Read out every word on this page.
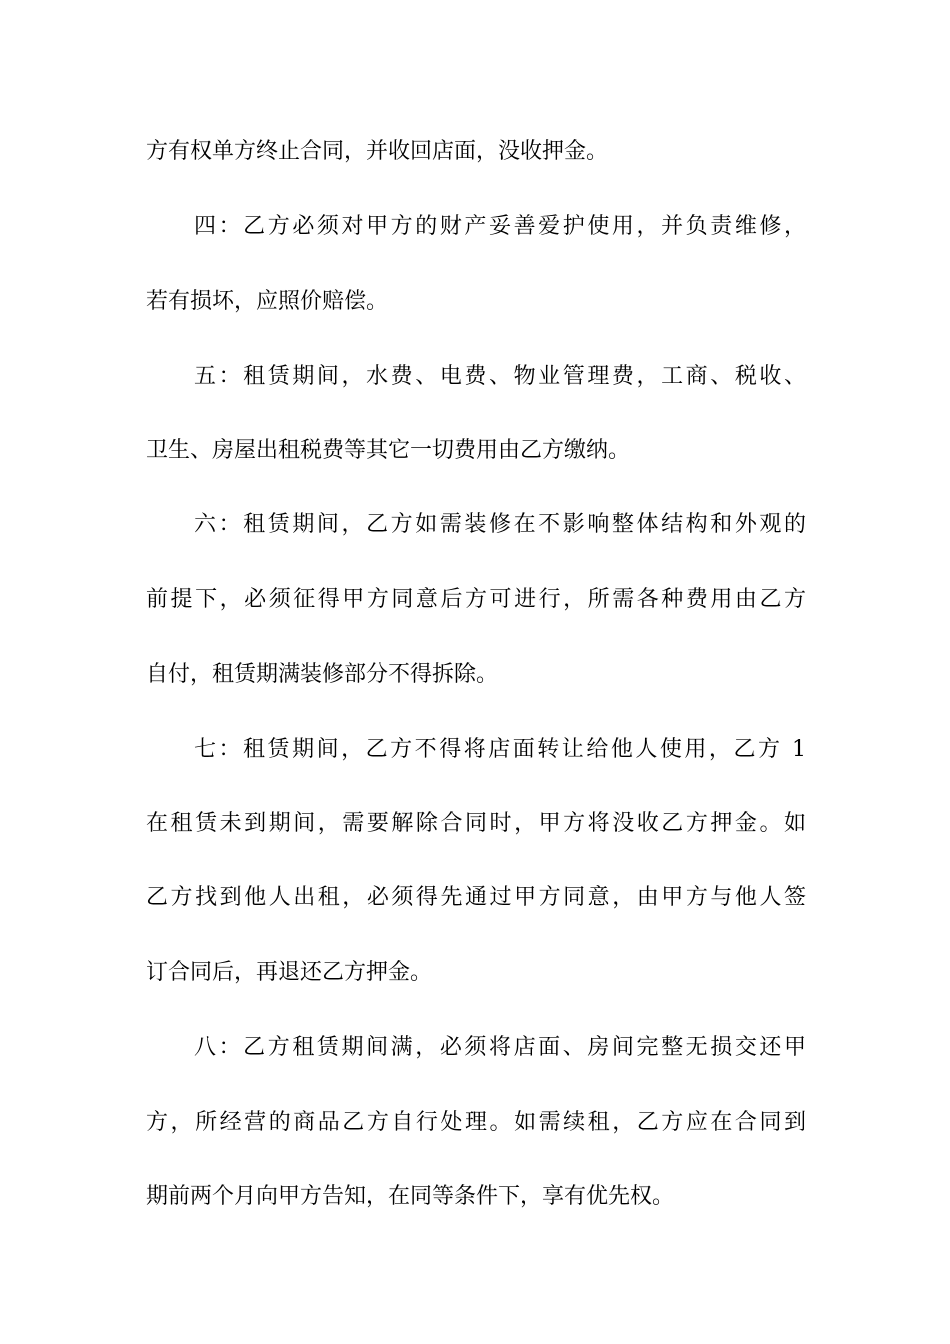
方有权单方终止合同，并收回店面，没收押金。
四：乙方必须对甲方的财产妥善爱护使用，并负责维修，
若有损坏，应照价赔偿。
五：租赁期间，水费、电费、物业管理费，工商、税收、
卫生、房屋出租税费等其它一切费用由乙方缴纳。
六：租赁期间，乙方如需装修在不影响整体结构和外观的
前提下，必须征得甲方同意后方可进行，所需各种费用由乙方
自付，租赁期满装修部分不得拆除。
七：租赁期间，乙方不得将店面转让给他人使用，乙方 1
在租赁未到期间，需要解除合同时，甲方将没收乙方押金。如
乙方找到他人出租，必须得先通过甲方同意，由甲方与他人签
订合同后，再退还乙方押金。
八：乙方租赁期间满，必须将店面、房间完整无损交还甲
方，所经营的商品乙方自行处理。如需续租，乙方应在合同到
期前两个月向甲方告知，在同等条件下，享有优先权。
